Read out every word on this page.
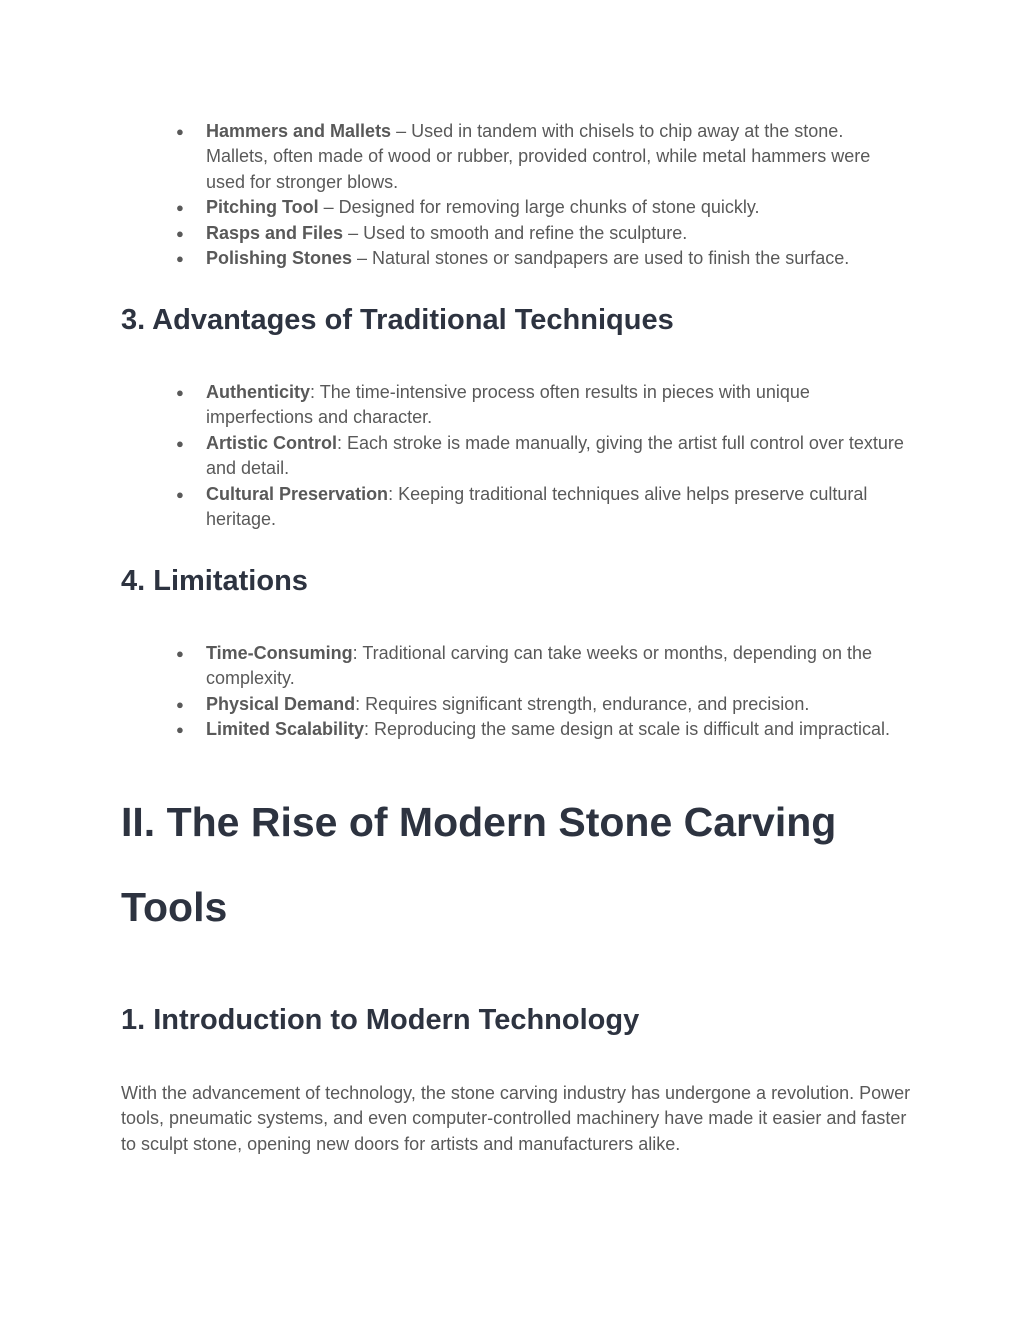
● Hammers and Mallets – Used in tandem with chisels to chip away at the stone. Mallets, often made of wood or rubber, provided control, while metal hammers were used for stronger blows.
● Pitching Tool – Designed for removing large chunks of stone quickly.
● Rasps and Files – Used to smooth and refine the sculpture.
● Polishing Stones – Natural stones or sandpapers are used to finish the surface.
3. Advantages of Traditional Techniques
● Authenticity: The time-intensive process often results in pieces with unique imperfections and character.
● Artistic Control: Each stroke is made manually, giving the artist full control over texture and detail.
● Cultural Preservation: Keeping traditional techniques alive helps preserve cultural heritage.
4. Limitations
● Time-Consuming: Traditional carving can take weeks or months, depending on the complexity.
● Physical Demand: Requires significant strength, endurance, and precision.
● Limited Scalability: Reproducing the same design at scale is difficult and impractical.
II. The Rise of Modern Stone Carving Tools
1. Introduction to Modern Technology

With the advancement of technology, the stone carving industry has undergone a revolution. Power tools, pneumatic systems, and even computer-controlled machinery have made it easier and faster to sculpt stone, opening new doors for artists and manufacturers alike.
